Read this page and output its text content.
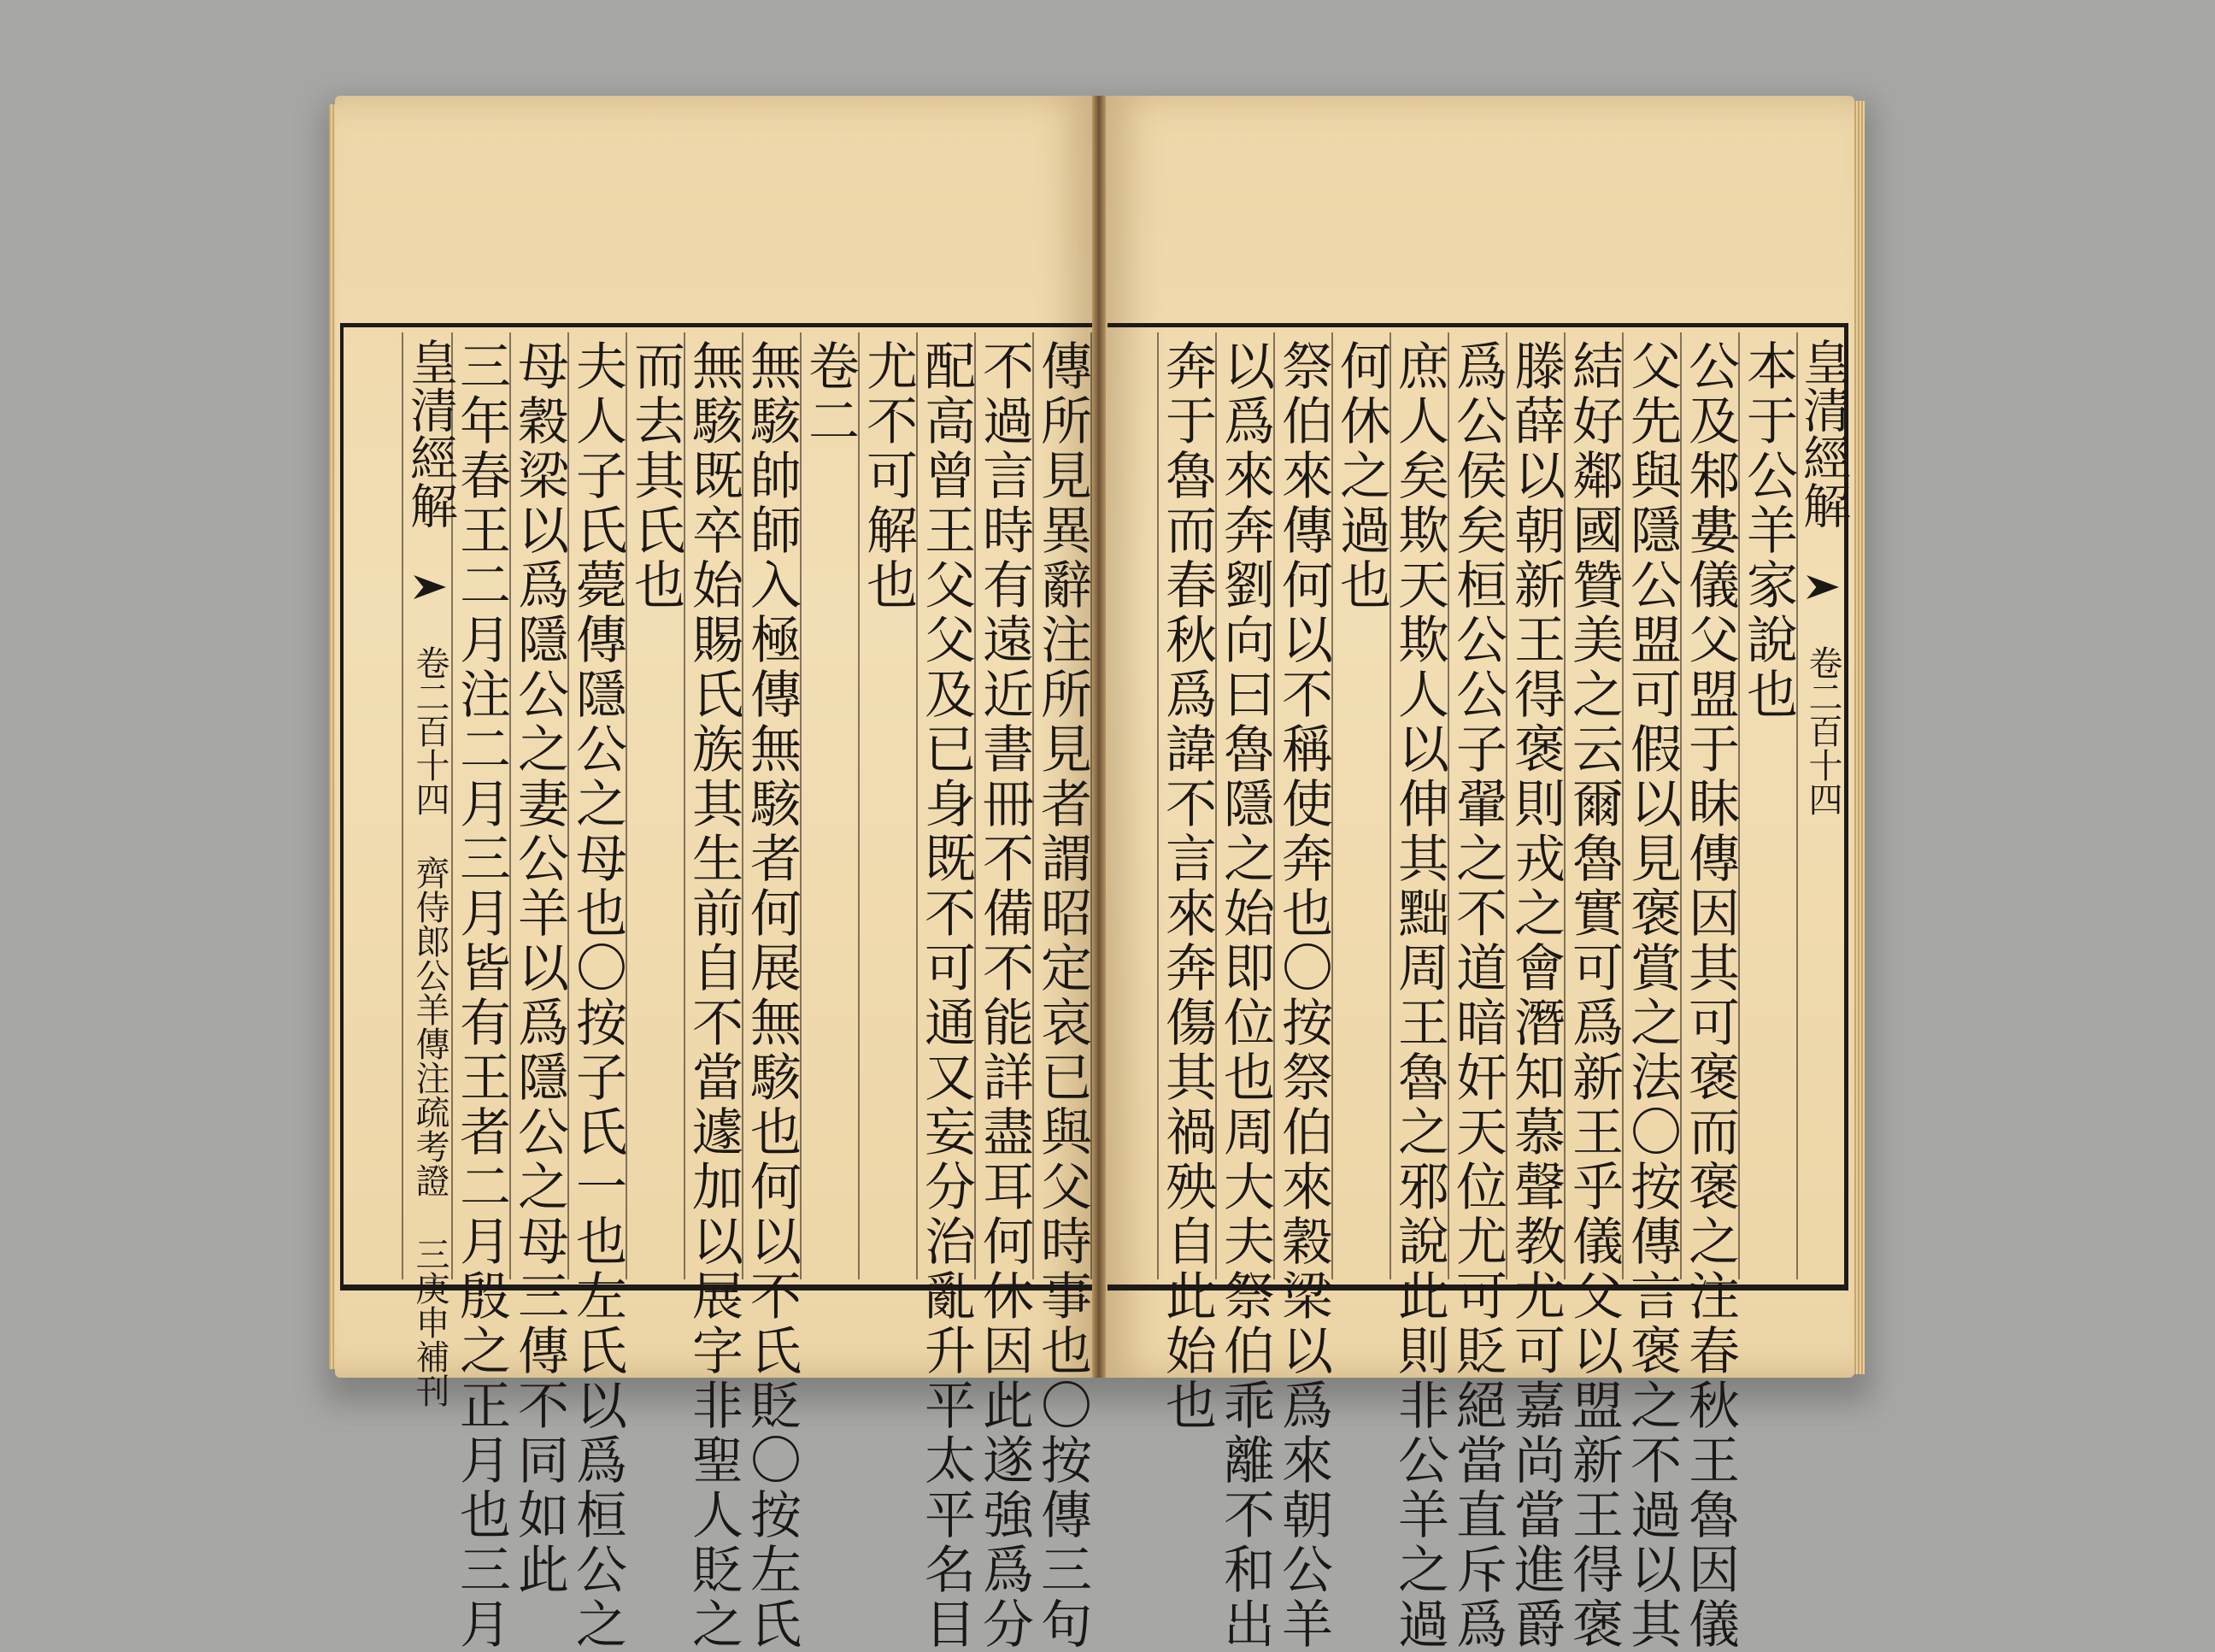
傳所見異辭注所見者謂昭定哀已與父時事也〇按傳三句
不過言時有遠近書冊不備不能詳盡耳何休因此遂強爲分
配高曾王父父及已身既不可通又妄分治亂升平太平名目
尤不可解也
卷二
無駭帥師入極傳無駭者何展無駭也何以不氏貶〇按左氏
無駭既卒始賜氏族其生前自不當遽加以展字非聖人貶之
而去其氏也
夫人子氏薨傳隱公之母也〇按子氏一也左氏以爲桓公之
母穀梁以爲隱公之妻公羊以爲隱公之母三傳不同如此
三年春王二月注二月三月皆有王者二月殷之正月也三月
皇清經解  卷二百十四 齊侍郎公羊傳注疏考證 三庚申補刊
皇清經解  卷二百十四
本于公羊家說也
公及邾婁儀父盟于眜傳因其可褒而褒之注春秋王魯因儀
父先與隱公盟可假以見褒賞之法〇按傳言褒之不過以其
結好鄰國贊美之云爾魯實可爲新王乎儀父以盟新王得褒
滕薛以朝新王得褒則戎之會潛知慕聲教尤可嘉尚當進爵
爲公侯矣桓公公子翬之不道暗奸天位尤可貶絕當直斥爲
庶人矣欺天欺人以伸其黜周王魯之邪說此則非公羊之過
何休之過也
祭伯來傳何以不稱使奔也〇按祭伯來穀梁以爲來朝公羊
以爲來奔劉向曰魯隱之始即位也周大夫祭伯乖離不和出
奔于魯而春秋爲諱不言來奔傷其禍殃自此始也
